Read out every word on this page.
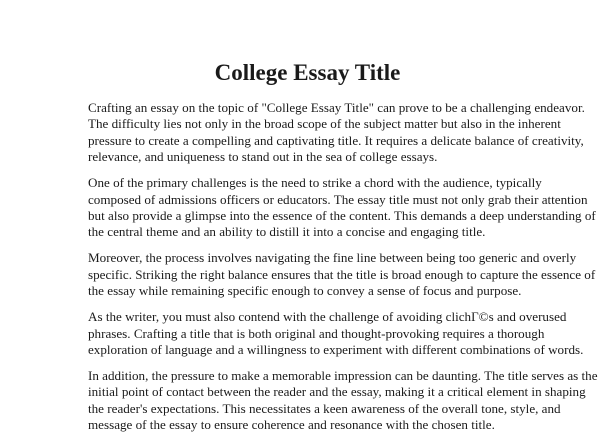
College Essay Title

Crafting an essay on the topic of "College Essay Title" can prove to be a challenging endeavor.
The difficulty lies not only in the broad scope of the subject matter but also in the inherent
pressure to create a compelling and captivating title. It requires a delicate balance of creativity,
relevance, and uniqueness to stand out in the sea of college essays.

One of the primary challenges is the need to strike a chord with the audience, typically
composed of admissions officers or educators. The essay title must not only grab their attention
but also provide a glimpse into the essence of the content. This demands a deep understanding of
the central theme and an ability to distill it into a concise and engaging title.

Moreover, the process involves navigating the fine line between being too generic and overly
specific. Striking the right balance ensures that the title is broad enough to capture the essence of
the essay while remaining specific enough to convey a sense of focus and purpose.

As the writer, you must also contend with the challenge of avoiding clichГ©s and overused
phrases. Crafting a title that is both original and thought-provoking requires a thorough
exploration of language and a willingness to experiment with different combinations of words.

In addition, the pressure to make a memorable impression can be daunting. The title serves as the
initial point of contact between the reader and the essay, making it a critical element in shaping
the reader's expectations. This necessitates a keen awareness of the overall tone, style, and
message of the essay to ensure coherence and resonance with the chosen title.
